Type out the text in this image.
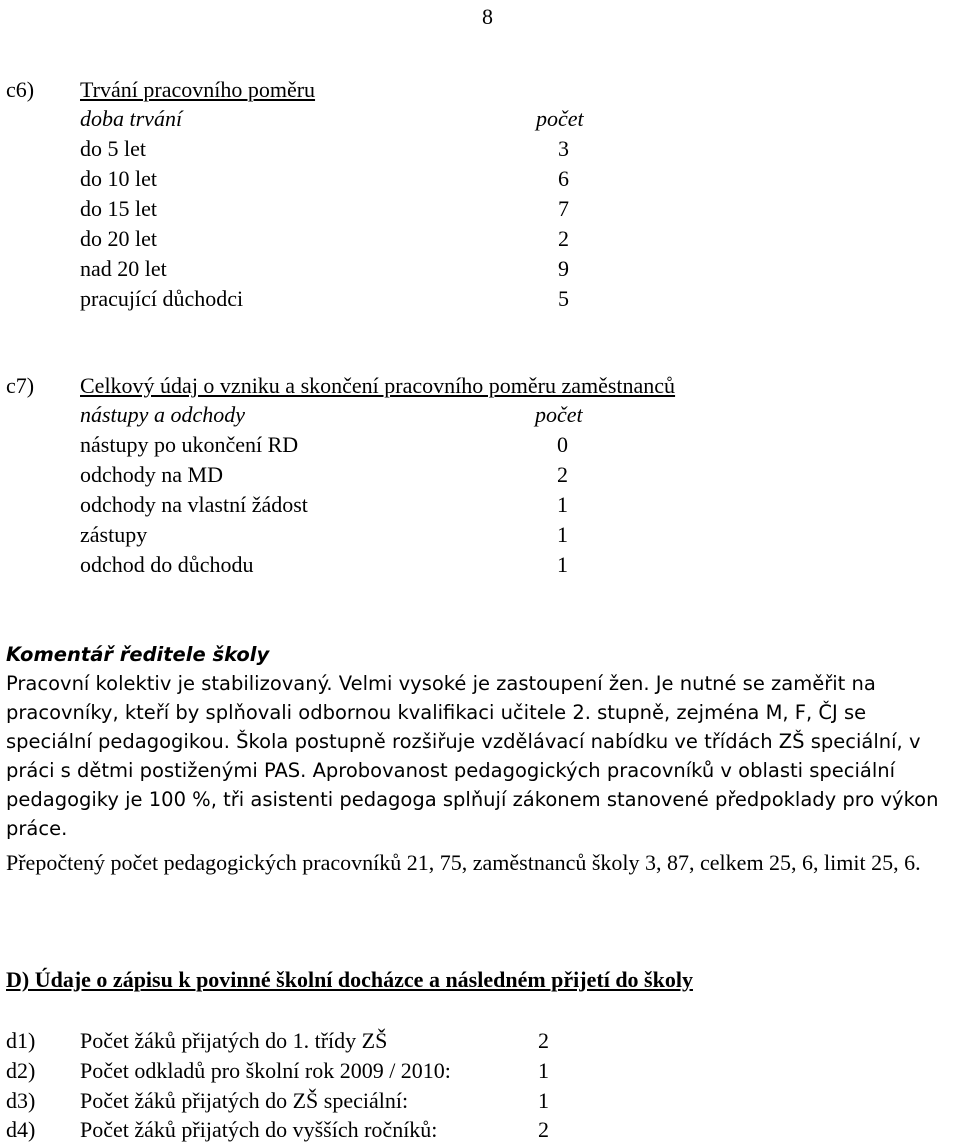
8
c6) Trvání pracovního poměru
doba trvání	počet
do 5 let	3
do 10 let	6
do 15 let	7
do 20 let	2
nad 20 let	9
pracující důchodci	5
c7) Celkový údaj o vzniku a skončení pracovního poměru zaměstnanců
nástupy a odchody	počet
nástupy po ukončení RD	0
odchody na MD	2
odchody na vlastní žádost	1
zástupy	1
odchod do důchodu	1
Komentář ředitele školy

Pracovní kolektiv je stabilizovaný. Velmi vysoké je zastoupení žen. Je nutné se zaměřit na pracovníky, kteří by splňovali odbornou kvalifikaci učitele 2. stupně, zejména M, F, ČJ se speciální pedagogikou. Škola postupně rozšiřuje vzdělávací nabídku ve třídách ZŠ speciální, v práci s dětmi postiženými PAS. Aprobovanost pedagogických pracovníků v oblasti speciální pedagogiky je 100 %, tři asistenti pedagoga splňují zákonem stanovené předpoklady pro výkon práce.

Přepočtený počet pedagogických pracovníků 21, 75, zaměstnanců školy 3, 87, celkem 25, 6, limit 25, 6.
D) Údaje o zápisu k povinné školní docházce a následném přijetí do školy
d1) Počet žáků přijatých do 1. třídy ZŠ	2
d2) Počet odkladů pro školní rok 2009 / 2010:	1
d3) Počet žáků přijatých do ZŠ speciální:	1
d4) Počet žáků přijatých do vyšších ročníků:	2
